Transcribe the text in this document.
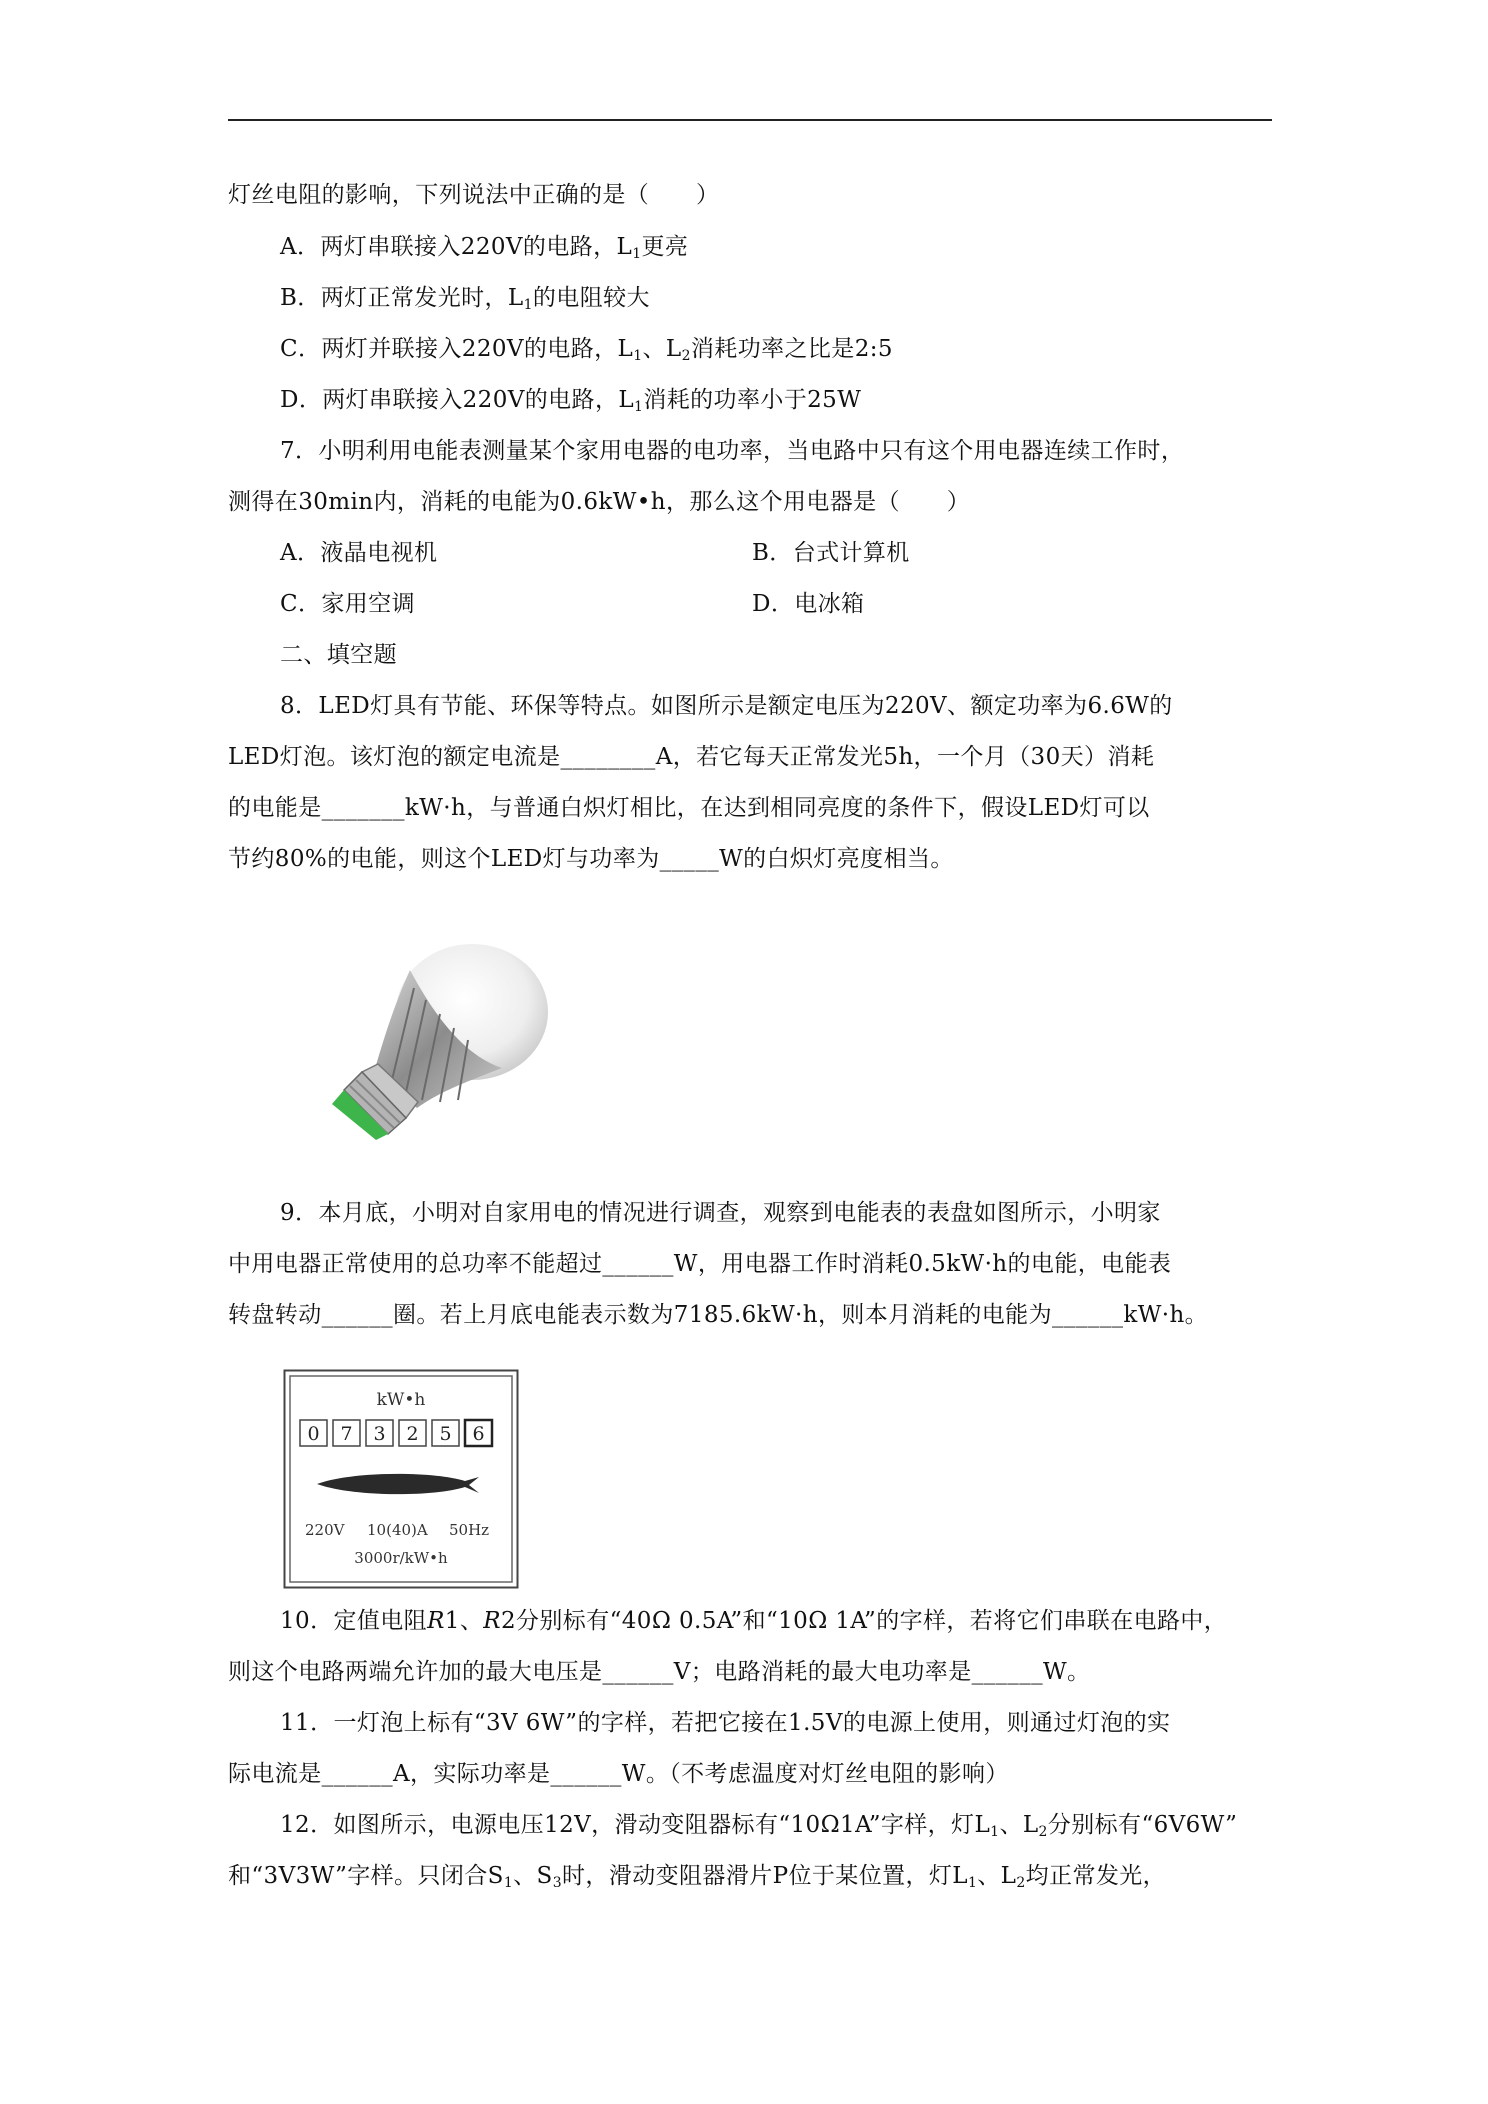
灯丝电阻的影响，下列说法中正确的是（　　）
A．两灯串联接入220V的电路，$L_1$更亮
B．两灯正常发光时，$L_1$的电阻较大
C．两灯并联接入220V的电路，$L_1$、$L_2$消耗功率之比是2:5
D．两灯串联接入220V的电路，$L_1$消耗的功率小于25W
7．小明利用电能表测量某个家用电器的电功率，当电路中只有这个用电器连续工作时，
测得在30min内，消耗的电能为0.6kW•h，那么这个用电器是（　　）
A．液晶电视机	B．台式计算机
C．家用空调	D．电冰箱
二、填空题
8．LED灯具有节能、环保等特点。如图所示是额定电压为220V、额定功率为6.6W的
LED灯泡。该灯泡的额定电流是________A，若它每天正常发光5h，一个月（30天）消耗
的电能是_______kW·h，与普通白炽灯相比，在达到相同亮度的条件下，假设LED灯可以
节约80%的电能，则这个LED灯与功率为_____W的白炽灯亮度相当。
9．本月底，小明对自家用电的情况进行调查，观察到电能表的表盘如图所示，小明家
中用电器正常使用的总功率不能超过______W，用电器工作时消耗0.5kW·h的电能，电能表
转盘转动______圈。若上月底电能表示数为7185.6kW·h，则本月消耗的电能为______kW·h。
kW•h
0 7 3 2 5 6
220V 10(40)A 50Hz
3000r/kW•h
10．定值电阻R1、R2分别标有“40Ω 0.5A”和“10Ω 1A”的字样，若将它们串联在电路中，
则这个电路两端允许加的最大电压是______V；电路消耗的最大电功率是______W。
11．一灯泡上标有“3V 6W”的字样，若把它接在1.5V的电源上使用，则通过灯泡的实
际电流是______A，实际功率是______W。（不考虑温度对灯丝电阻的影响）
12．如图所示，电源电压12V，滑动变阻器标有“10Ω1A”字样，灯$L_1$、$L_2$分别标有“6V6W”
和“3V3W”字样。只闭合$S_1$、$S_3$时，滑动变阻器滑片P位于某位置，灯$L_1$、$L_2$均正常发光，
